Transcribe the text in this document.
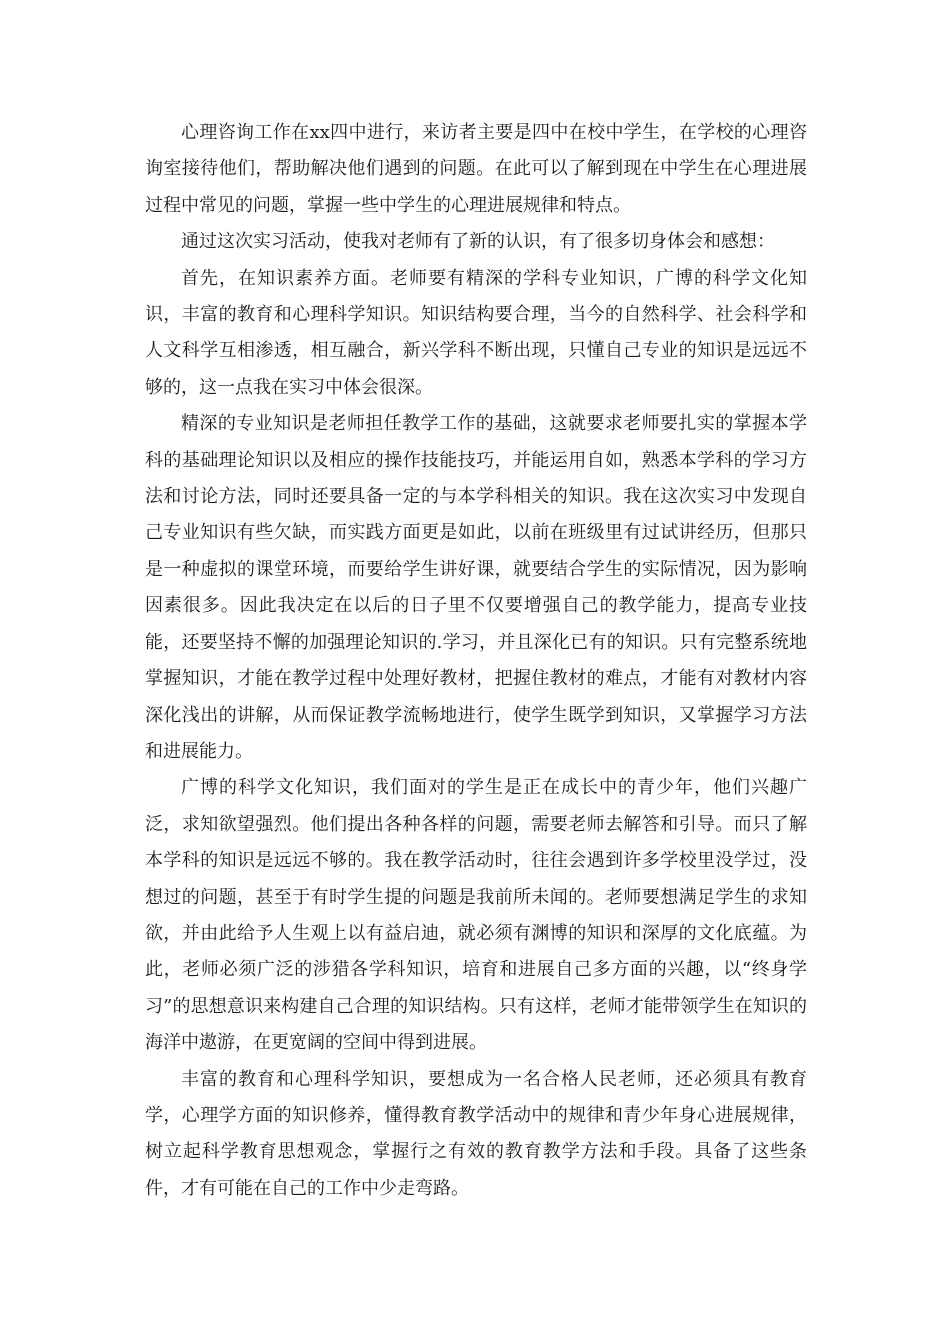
心理咨询工作在xx四中进行，来访者主要是四中在校中学生，在学校的心理咨询室接待他们，帮助解决他们遇到的问题。在此可以了解到现在中学生在心理进展过程中常见的问题，掌握一些中学生的心理进展规律和特点。

通过这次实习活动，使我对老师有了新的认识，有了很多切身体会和感想：

首先，在知识素养方面。老师要有精深的学科专业知识，广博的科学文化知识，丰富的教育和心理科学知识。知识结构要合理，当今的自然科学、社会科学和人文科学互相渗透，相互融合，新兴学科不断出现，只懂自己专业的知识是远远不够的，这一点我在实习中体会很深。

精深的专业知识是老师担任教学工作的基础，这就要求老师要扎实的掌握本学科的基础理论知识以及相应的操作技能技巧，并能运用自如，熟悉本学科的学习方法和讨论方法，同时还要具备一定的与本学科相关的知识。我在这次实习中发现自己专业知识有些欠缺，而实践方面更是如此，以前在班级里有过试讲经历，但那只是一种虚拟的课堂环境，而要给学生讲好课，就要结合学生的实际情况，因为影响因素很多。因此我决定在以后的日子里不仅要增强自己的教学能力，提高专业技能，还要坚持不懈的加强理论知识的.学习，并且深化已有的知识。只有完整系统地掌握知识，才能在教学过程中处理好教材，把握住教材的难点，才能有对教材内容深化浅出的讲解，从而保证教学流畅地进行，使学生既学到知识，又掌握学习方法和进展能力。

广博的科学文化知识，我们面对的学生是正在成长中的青少年，他们兴趣广泛，求知欲望强烈。他们提出各种各样的问题，需要老师去解答和引导。而只了解本学科的知识是远远不够的。我在教学活动时，往往会遇到许多学校里没学过，没想过的问题，甚至于有时学生提的问题是我前所未闻的。老师要想满足学生的求知欲，并由此给予人生观上以有益启迪，就必须有渊博的知识和深厚的文化底蕴。为此，老师必须广泛的涉猎各学科知识，培育和进展自己多方面的兴趣，以“终身学习”的思想意识来构建自己合理的知识结构。只有这样，老师才能带领学生在知识的海洋中遨游，在更宽阔的空间中得到进展。

丰富的教育和心理科学知识，要想成为一名合格人民老师，还必须具有教育学，心理学方面的知识修养，懂得教育教学活动中的规律和青少年身心进展规律，树立起科学教育思想观念，掌握行之有效的教育教学方法和手段。具备了这些条件，才有可能在自己的工作中少走弯路。
